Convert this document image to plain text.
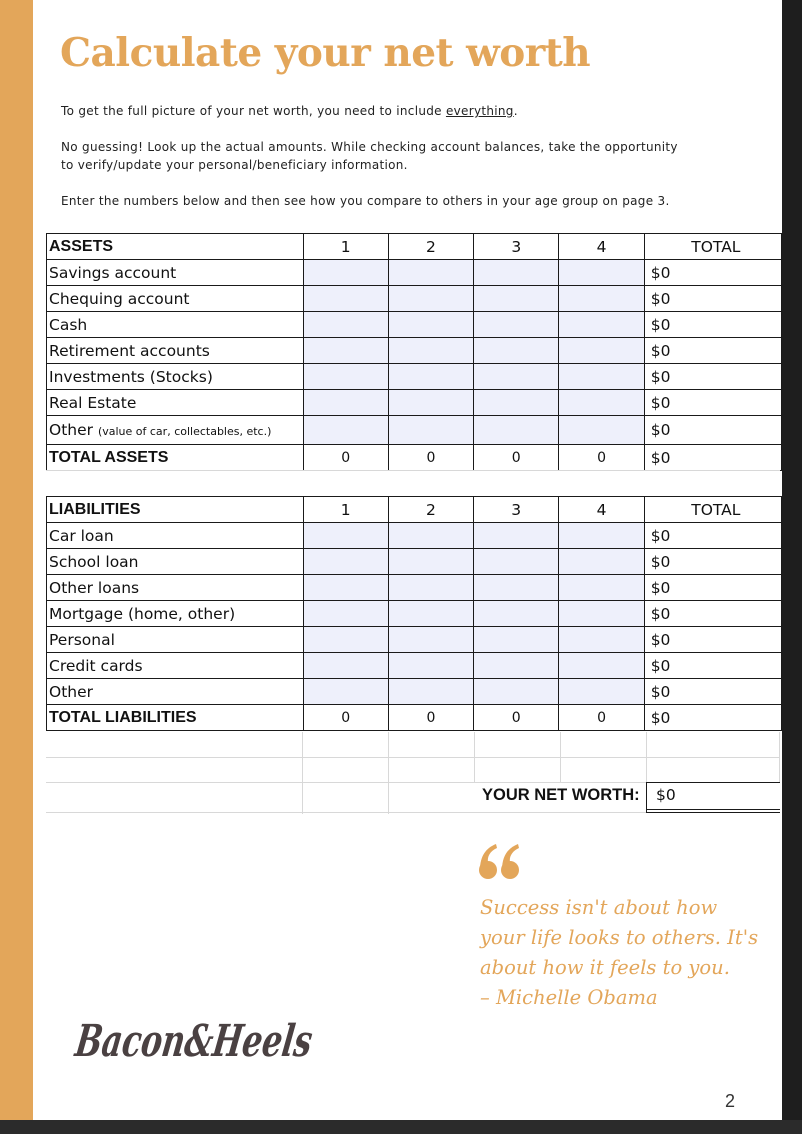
Calculate your net worth
To get the full picture of your net worth, you need to include everything.
No guessing! Look up the actual amounts. While checking account balances, take the opportunity
to verify/update your personal/beneficiary information.
Enter the numbers below and then see how you compare to others in your age group on page 3.
ASSETS	1	2	3	4	TOTAL
Savings account					$0
Chequing account					$0
Cash					$0
Retirement accounts					$0
Investments (Stocks)					$0
Real Estate					$0
Other (value of car, collectables, etc.)					$0
TOTAL ASSETS	0	0	0	0	$0
LIABILITIES	1	2	3	4	TOTAL
Car loan					$0
School loan					$0
Other loans					$0
Mortgage (home, other)					$0
Personal					$0
Credit cards					$0
Other					$0
TOTAL LIABILITIES	0	0	0	0	$0
YOUR NET WORTH: $0
Success isn't about how
your life looks to others. It's
about how it feels to you.
– Michelle Obama
Bacon&Heels
2
